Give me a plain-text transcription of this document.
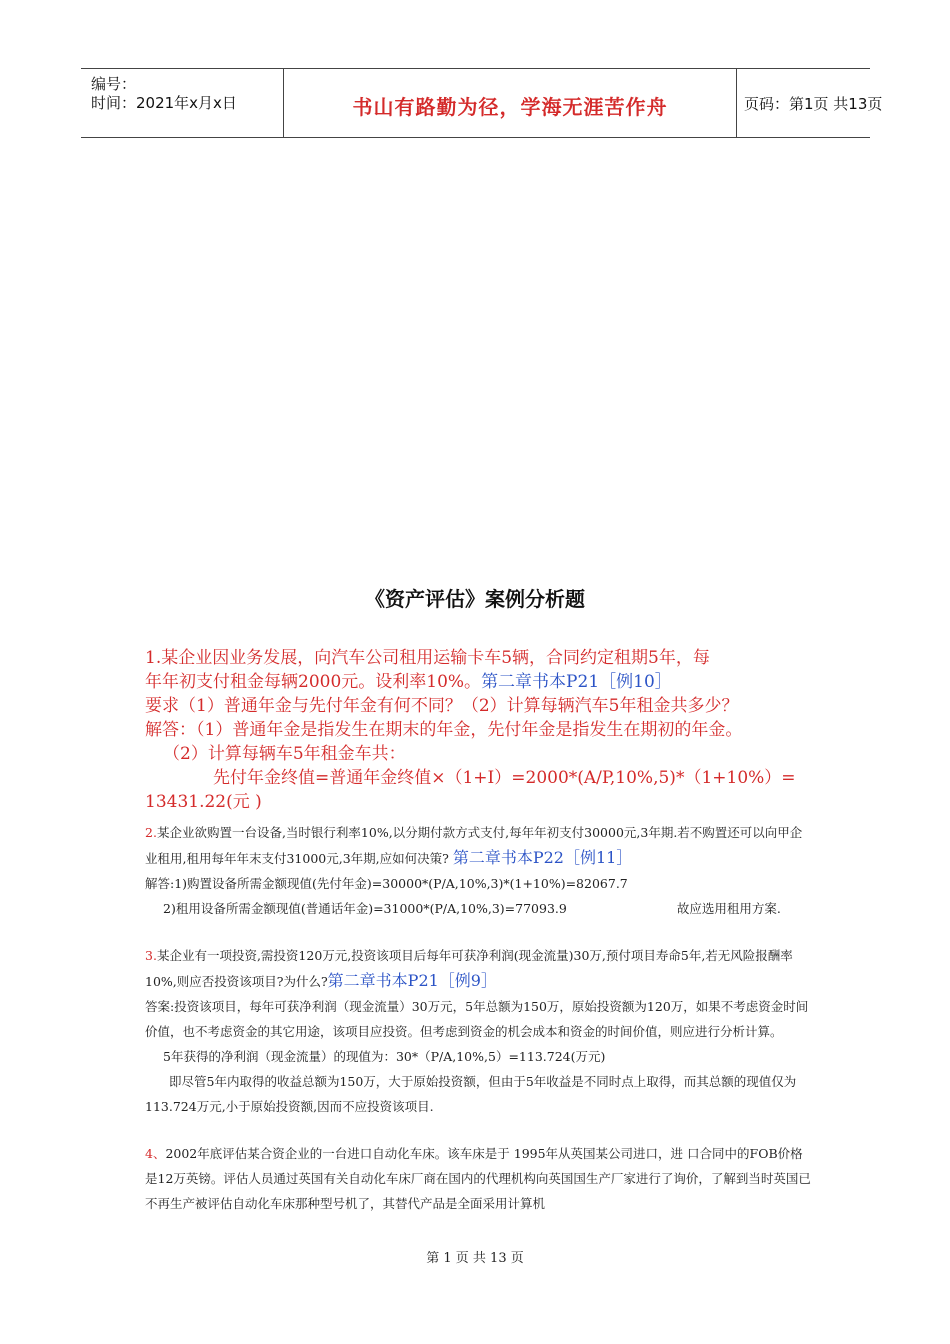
编号：
时间：2021年x月x日	书山有路勤为径，学海无涯苦作舟	页码：第1页 共13页
《资产评估》案例分析题
1.某企业因业务发展，向汽车公司租用运输卡车5辆，合同约定租期5年，每
年年初支付租金每辆2000元。设利率10%。第二章书本P21［例10］
要求（1）普通年金与先付年金有何不同？（2）计算每辆汽车5年租金共多少？
解答：（1）普通年金是指发生在期末的年金，先付年金是指发生在期初的年金。
（2）计算每辆车5年租金车共：
先付年金终值=普通年金终值×（1+I）=2000*(A/P,10%,5)*（1+10%）=
13431.22(元 )
2.某企业欲购置一台设备,当时银行利率10%,以分期付款方式支付,每年年初支付30000元,3年期.若不购置还可以向甲企业租用,租用每年年末支付31000元,3年期,应如何决策? 第二章书本P22［例11］
解答:1)购置设备所需金额现值(先付年金)=30000*(P/A,10%,3)*(1+10%)=82067.7
2)租用设备所需金额现值(普通话年金)=31000*(P/A,10%,3)=77093.9	故应选用租用方案.
3.某企业有一项投资,需投资120万元,投资该项目后每年可获净利润(现金流量)30万,预付项目寿命5年,若无风险报酬率10%,则应否投资该项目?为什么?第二章书本P21［例9］
答案:投资该项目，每年可获净利润（现金流量）30万元，5年总额为150万，原始投资额为120万，如果不考虑资金时间价值，也不考虑资金的其它用途，该项目应投资。但考虑到资金的机会成本和资金的时间价值，则应进行分析计算。
5年获得的净利润（现金流量）的现值为：30*（P/A,10%,5）=113.724(万元)
即尽管5年内取得的收益总额为150万，大于原始投资额，但由于5年收益是不同时点上取得，而其总额的现值仅为113.724万元,小于原始投资额,因而不应投资该项目.
4、2002年底评估某合资企业的一台进口自动化车床。该车床是于 1995年从英国某公司进口，进 口合同中的FOB价格是12万英镑。评估人员通过英国有关自动化车床厂商在国内的代理机构向英国国生产厂家进行了询价，了解到当时英国已不再生产被评估自动化车床那种型号机了，其替代产品是全面采用计算机
第 1 页 共 13 页
